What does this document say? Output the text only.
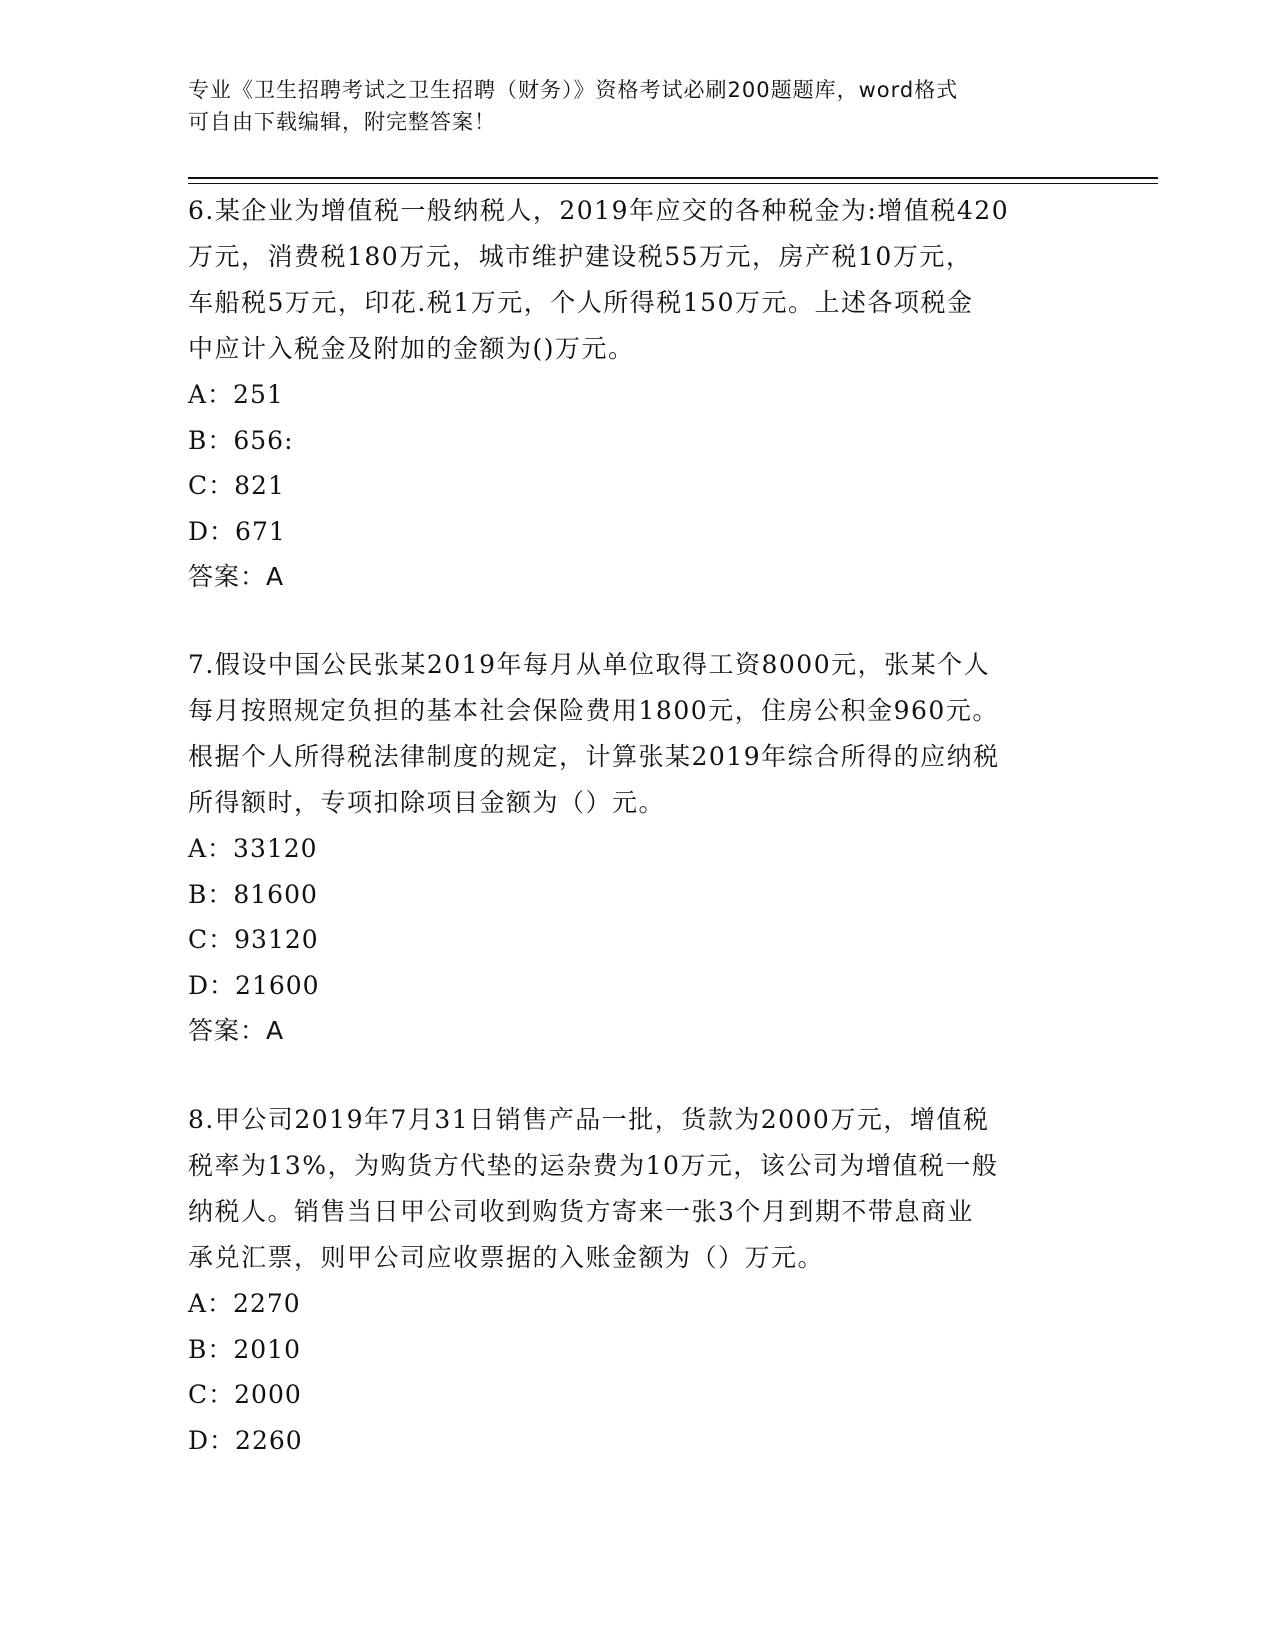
专业《卫生招聘考试之卫生招聘（财务）》资格考试必刷200题题库，word格式
可自由下载编辑，附完整答案！

6.某企业为增值税一般纳税人，2019年应交的各种税金为:增值税420

万元，消费税180万元，城市维护建设税55万元，房产税10万元，

车船税5万元，印花.税1万元，个人所得税150万元。上述各项税金

中应计入税金及附加的金额为()万元。

A：251

B：656:

C：821

D：671

答案：A

7.假设中国公民张某2019年每月从单位取得工资8000元，张某个人

每月按照规定负担的基本社会保险费用1800元，住房公积金960元。

根据个人所得税法律制度的规定，计算张某2019年综合所得的应纳税

所得额时，专项扣除项目金额为（）元。

A：33120

B：81600

C：93120

D：21600

答案：A

8.甲公司2019年7月31日销售产品一批，货款为2000万元，增值税

税率为13%，为购货方代垫的运杂费为10万元，该公司为增值税一般

纳税人。销售当日甲公司收到购货方寄来一张3个月到期不带息商业

承兑汇票，则甲公司应收票据的入账金额为（）万元。

A：2270

B：2010

C：2000

D：2260
